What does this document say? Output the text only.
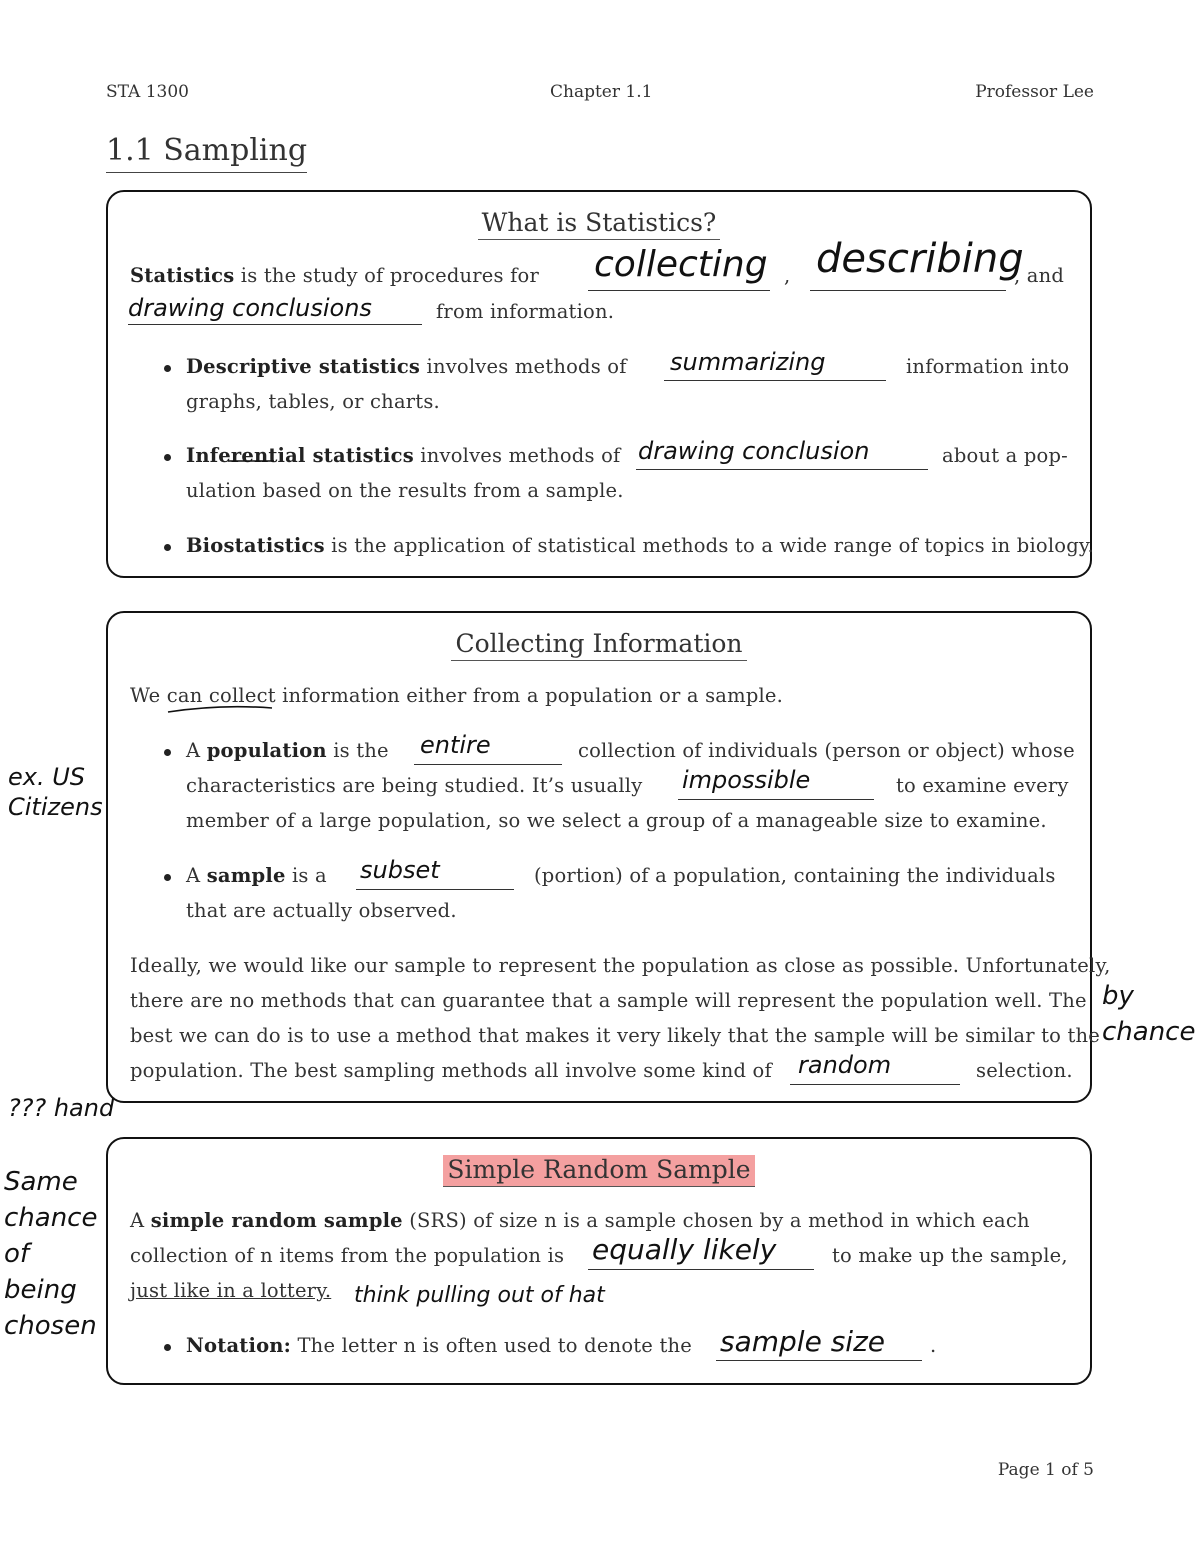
STA 1300	Chapter 1.1	Professor Lee
1.1 Sampling
What is Statistics?
Statistics is the study of procedures for collecting , describing
, and
drawing conclusions	from information.
Descriptive statistics involves methods of summarizing	information into
graphs, tables, or charts.
Inferential statistics involves methods of drawing conclusion	about a pop-
ulation based on the results from a sample.
Biostatistics is the application of statistical methods to a wide range of topics in biology.
Collecting Information
We can collect information either from a population or a sample.
A population is the entire	collection of individuals (person or object) whose
characteristics are being studied. It’s usually impossible	to examine every
member of a large population, so we select a group of a manageable size to examine.
A sample is a subset	(portion) of a population, containing the individuals
that are actually observed.
Ideally, we would like our sample to represent the population as close as possible. Unfortunately,
there are no methods that can guarantee that a sample will represent the population well. The
best we can do is to use a method that makes it very likely that the sample will be similar to the
population. The best sampling methods all involve some kind of random	selection.
Simple Random Sample
A simple random sample (SRS) of size n is a sample chosen by a method in which each
collection of n items from the population is equally likely	to make up the sample,
just like in a lottery. think pulling out of hat
Notation: The letter n is often used to denote the sample size .
ex. US Citizens
??? hand
Same chance of being chosen
by chance
Page 1 of 5
